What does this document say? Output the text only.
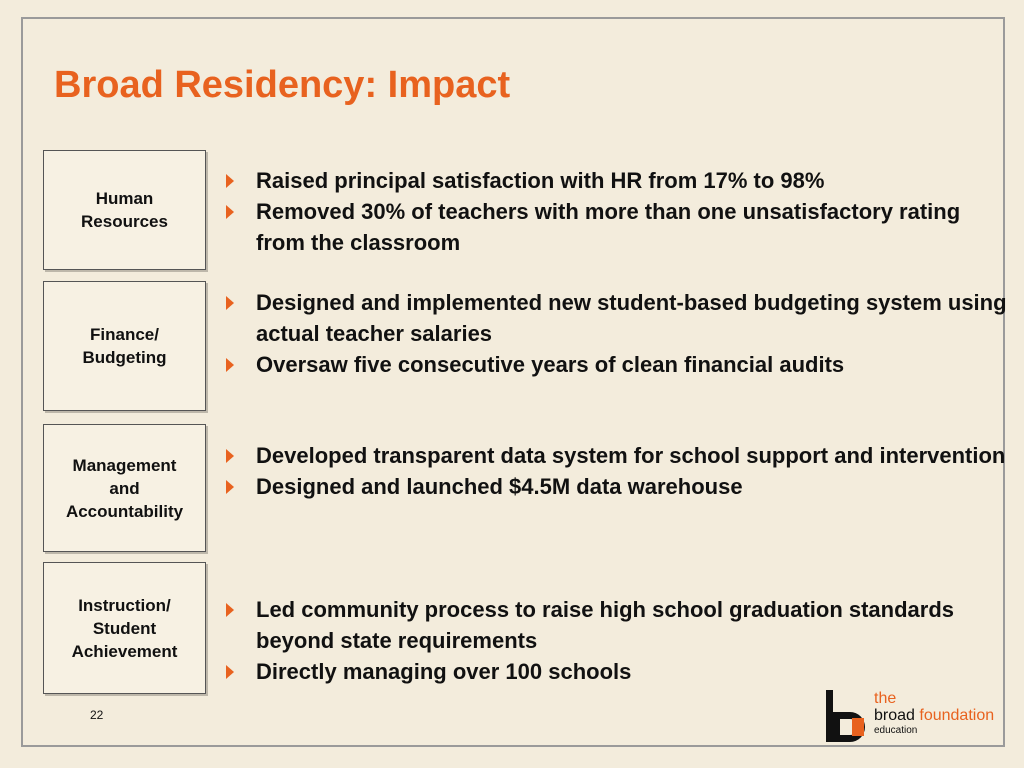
Broad Residency: Impact
Human
Resources
Raised principal satisfaction with HR from 17% to 98%
Removed 30% of teachers with more than one unsatisfactory rating from the classroom
Finance/
Budgeting
Designed and implemented new student-based budgeting system using actual teacher salaries
Oversaw five consecutive years of clean financial audits
Management
and
Accountability
Developed transparent data system for school support and intervention
Designed and launched $4.5M data warehouse
Instruction/
Student
Achievement
Led community process to raise high school graduation standards beyond state requirements
Directly managing over 100 schools
22
the
broad foundation
education
